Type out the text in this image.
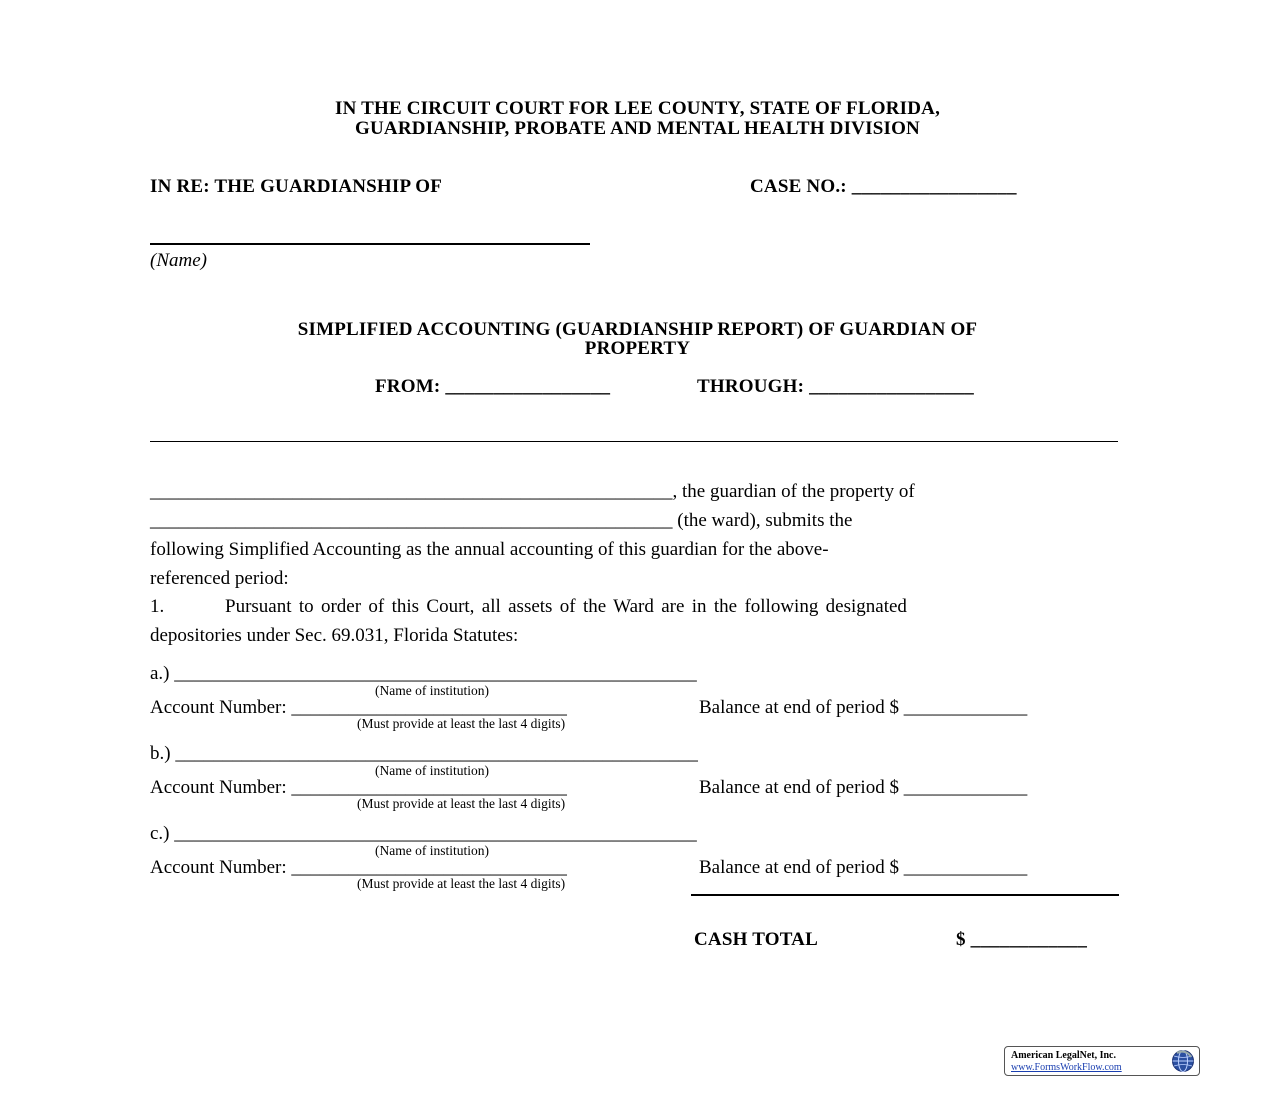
IN THE CIRCUIT COURT FOR LEE COUNTY, STATE OF FLORIDA,
GUARDIANSHIP, PROBATE AND MENTAL HEALTH DIVISION
IN RE: THE GUARDIANSHIP OF	CASE NO.: _________________
(Name)
SIMPLIFIED ACCOUNTING (GUARDIANSHIP REPORT) OF GUARDIAN OF
PROPERTY
FROM: _________________	THROUGH: _________________
_______________________________________________________, the guardian of the property of
_______________________________________________________ (the ward), submits the
following Simplified Accounting as the annual accounting of this guardian for the above-
referenced period:
1.	Pursuant to order of this Court, all assets of the Ward are in the following designated
depositories under Sec. 69.031, Florida Statutes:
a.) _______________________________________________________
(Name of institution)
Account Number: _____________________________
(Must provide at least the last 4 digits)
Balance at end of period $ _____________
b.) _______________________________________________________
(Name of institution)
Account Number: _____________________________
(Must provide at least the last 4 digits)
Balance at end of period $ _____________
c.) _______________________________________________________
(Name of institution)
Account Number: _____________________________
(Must provide at least the last 4 digits)
Balance at end of period $ _____________
CASH TOTAL	$ ____________
American LegalNet, Inc.
www.FormsWorkFlow.com
